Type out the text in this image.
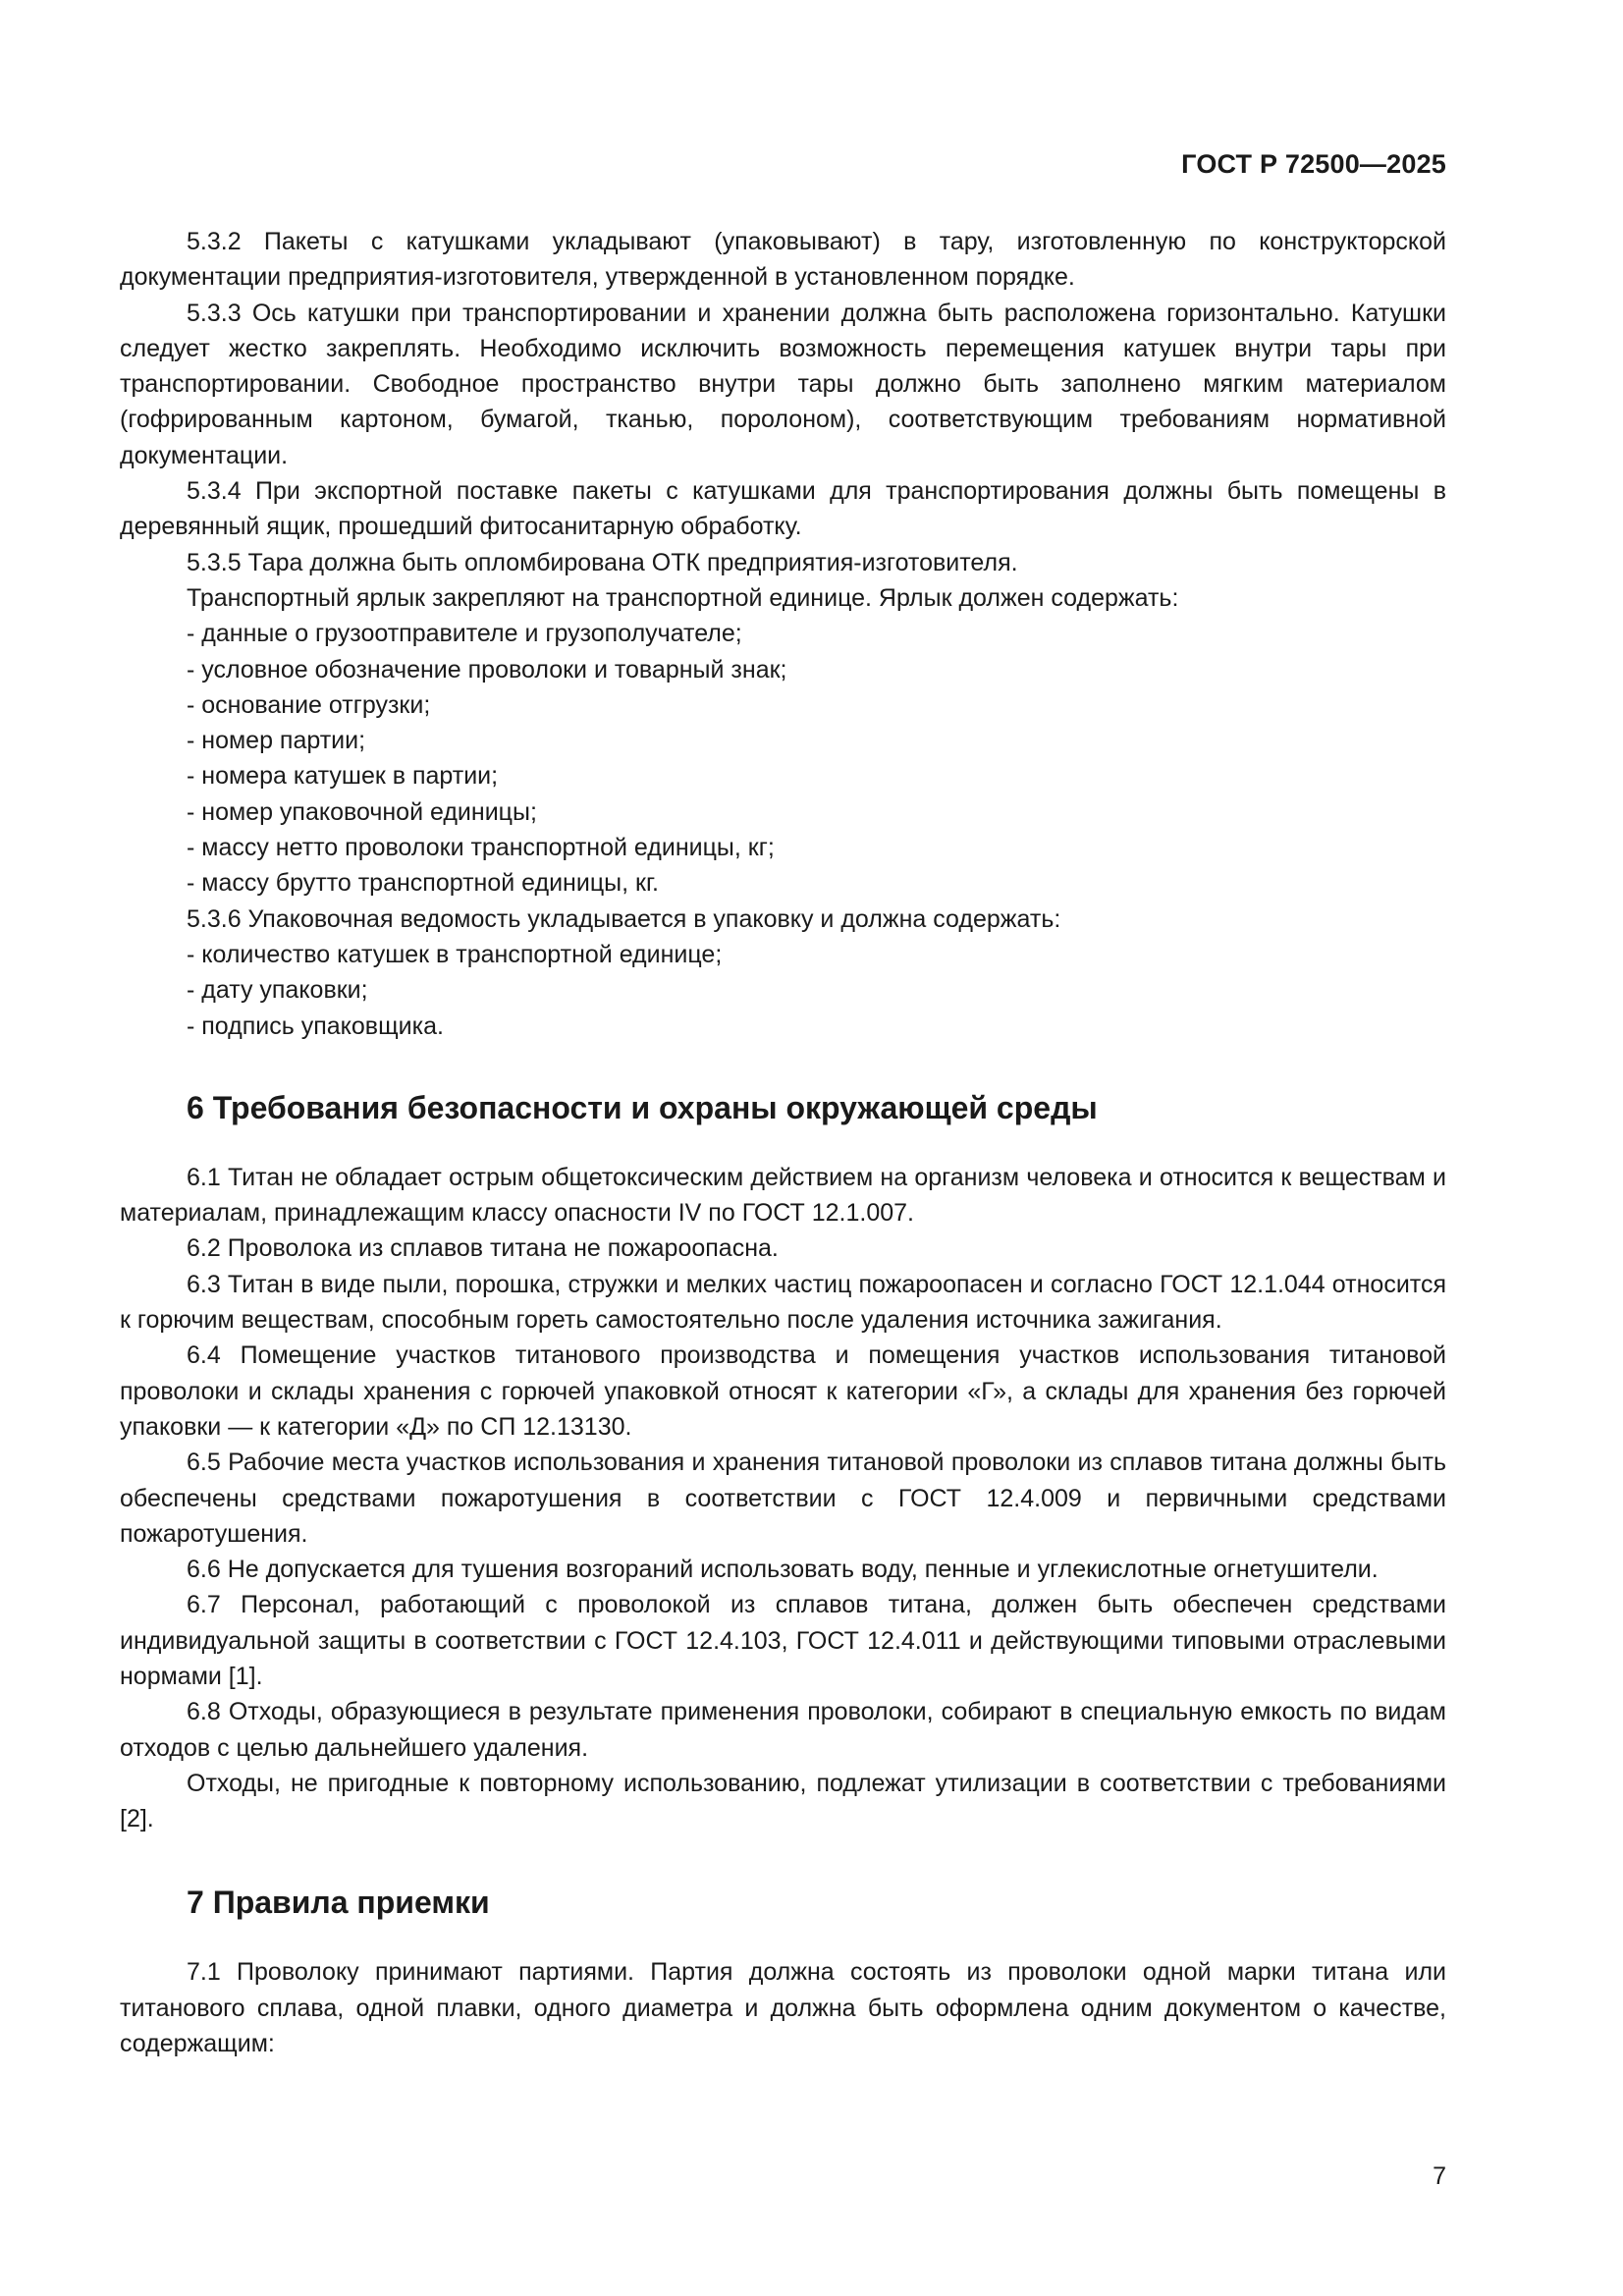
ГОСТ Р 72500—2025

5.3.2 Пакеты с катушками укладывают (упаковывают) в тару, изготовленную по конструкторской документации предприятия-изготовителя, утвержденной в установленном порядке.

5.3.3 Ось катушки при транспортировании и хранении должна быть расположена горизонтально. Катушки следует жестко закреплять. Необходимо исключить возможность перемещения катушек внутри тары при транспортировании. Свободное пространство внутри тары должно быть заполнено мягким материалом (гофрированным картоном, бумагой, тканью, поролоном), соответствующим требованиям нормативной документации.

5.3.4 При экспортной поставке пакеты с катушками для транспортирования должны быть помещены в деревянный ящик, прошедший фитосанитарную обработку.

5.3.5 Тара должна быть опломбирована ОТК предприятия-изготовителя.

Транспортный ярлык закрепляют на транспортной единице. Ярлык должен содержать:

- данные о грузоотправителе и грузополучателе;

- условное обозначение проволоки и товарный знак;

- основание отгрузки;

- номер партии;

- номера катушек в партии;

- номер упаковочной единицы;

- массу нетто проволоки транспортной единицы, кг;

- массу брутто транспортной единицы, кг.

5.3.6 Упаковочная ведомость укладывается в упаковку и должна содержать:

- количество катушек в транспортной единице;

- дату упаковки;

- подпись упаковщика.

6 Требования безопасности и охраны окружающей среды

6.1 Титан не обладает острым общетоксическим действием на организм человека и относится к веществам и материалам, принадлежащим классу опасности IV по ГОСТ 12.1.007.

6.2 Проволока из сплавов титана не пожароопасна.

6.3 Титан в виде пыли, порошка, стружки и мелких частиц пожароопасен и согласно ГОСТ 12.1.044 относится к горючим веществам, способным гореть самостоятельно после удаления источника зажигания.

6.4 Помещение участков титанового производства и помещения участков использования титановой проволоки и склады хранения с горючей упаковкой относят к категории «Г», а склады для хранения без горючей упаковки — к категории «Д» по СП 12.13130.

6.5 Рабочие места участков использования и хранения титановой проволоки из сплавов титана должны быть обеспечены средствами пожаротушения в соответствии с ГОСТ 12.4.009 и первичными средствами пожаротушения.

6.6 Не допускается для тушения возгораний использовать воду, пенные и углекислотные огнетушители.

6.7 Персонал, работающий с проволокой из сплавов титана, должен быть обеспечен средствами индивидуальной защиты в соответствии с ГОСТ 12.4.103, ГОСТ 12.4.011 и действующими типовыми отраслевыми нормами [1].

6.8 Отходы, образующиеся в результате применения проволоки, собирают в специальную емкость по видам отходов с целью дальнейшего удаления.

Отходы, не пригодные к повторному использованию, подлежат утилизации в соответствии с требованиями [2].

7 Правила приемки

7.1 Проволоку принимают партиями. Партия должна состоять из проволоки одной марки титана или титанового сплава, одной плавки, одного диаметра и должна быть оформлена одним документом о качестве, содержащим:

7
